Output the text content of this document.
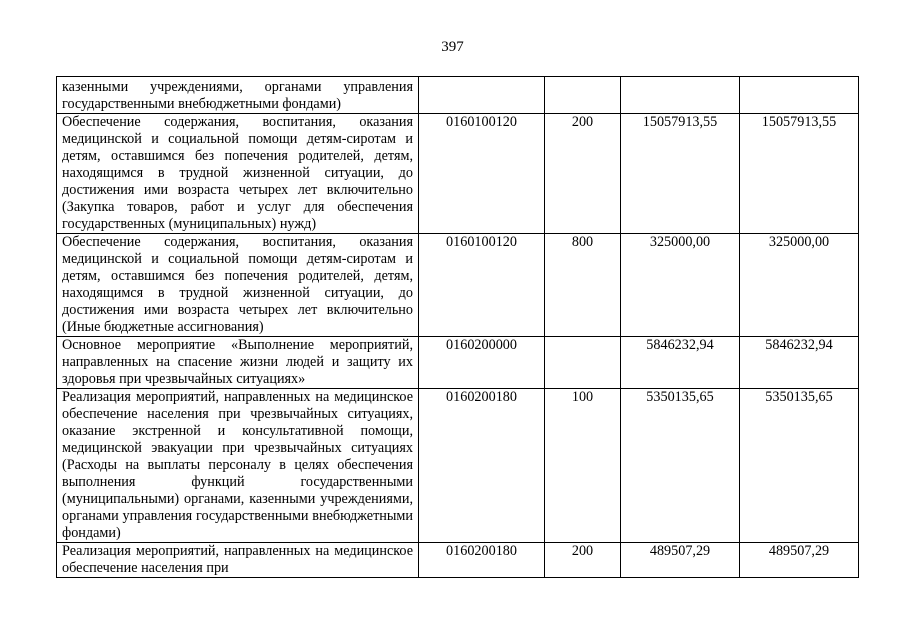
397
казенными учреждениями, органами управления государственными внебюджетными фондами)				
Обеспечение содержания, воспитания, оказания медицинской и социальной помощи детям-сиротам и детям, оставшимся без попечения родителей, детям, находящимся в трудной жизненной ситуации, до достижения ими возраста четырех лет включительно (Закупка товаров, работ и услуг для обеспечения государственных (муниципальных) нужд)	0160100120	200	15057913,55	15057913,55
Обеспечение содержания, воспитания, оказания медицинской и социальной помощи детям-сиротам и детям, оставшимся без попечения родителей, детям, находящимся в трудной жизненной ситуации, до достижения ими возраста четырех лет включительно (Иные бюджетные ассигнования)	0160100120	800	325000,00	325000,00
Основное мероприятие «Выполнение мероприятий, направленных на спасение жизни людей и защиту их здоровья при чрезвычайных ситуациях»	0160200000		5846232,94	5846232,94
Реализация мероприятий, направленных на медицинское обеспечение населения при чрезвычайных ситуациях, оказание экстренной и консультативной помощи, медицинской эвакуации при чрезвычайных ситуациях (Расходы на выплаты персоналу в целях обеспечения выполнения функций государственными (муниципальными) органами, казенными учреждениями, органами управления государственными внебюджетными фондами)	0160200180	100	5350135,65	5350135,65
Реализация мероприятий, направленных на медицинское обеспечение населения при	0160200180	200	489507,29	489507,29
